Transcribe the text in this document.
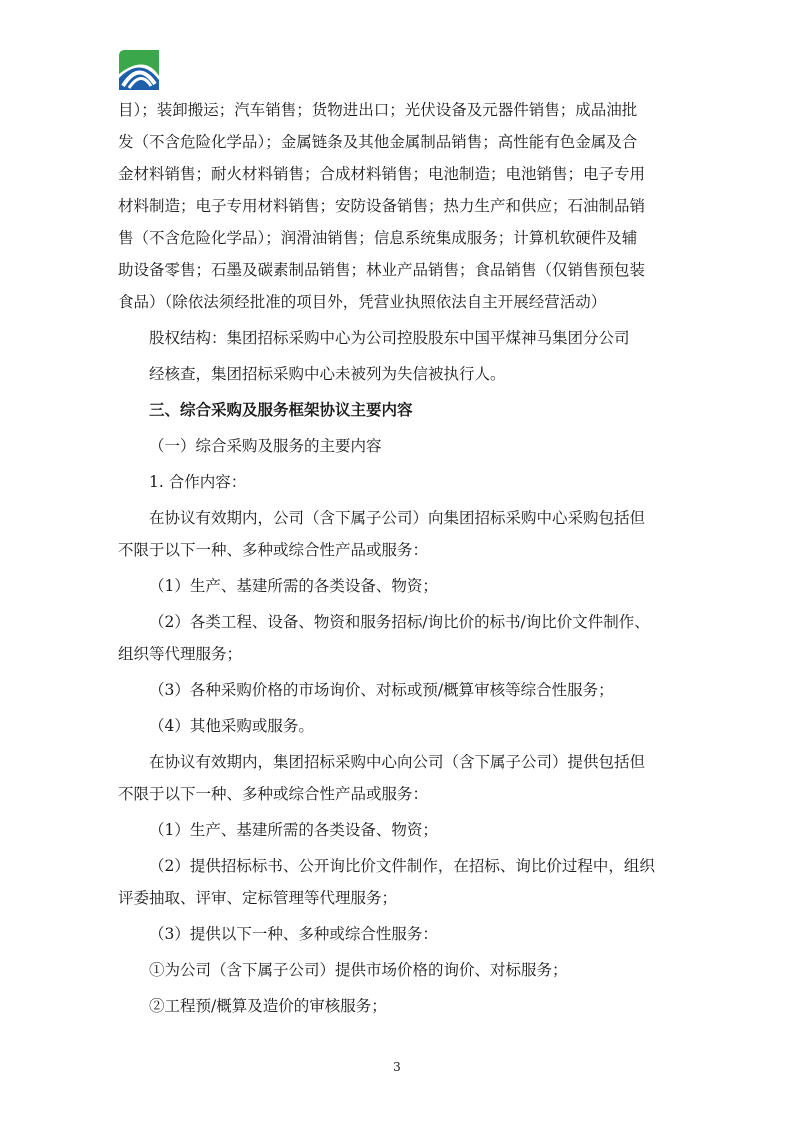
目）；装卸搬运；汽车销售；货物进出口；光伏设备及元器件销售；成品油批
发（不含危险化学品）；金属链条及其他金属制品销售；高性能有色金属及合
金材料销售；耐火材料销售；合成材料销售；电池制造；电池销售；电子专用
材料制造；电子专用材料销售；安防设备销售；热力生产和供应；石油制品销
售（不含危险化学品）；润滑油销售；信息系统集成服务；计算机软硬件及辅
助设备零售；石墨及碳素制品销售；林业产品销售；食品销售（仅销售预包装
食品）（除依法须经批准的项目外，凭营业执照依法自主开展经营活动）

股权结构：集团招标采购中心为公司控股股东中国平煤神马集团分公司

经核查，集团招标采购中心未被列为失信被执行人。

三、综合采购及服务框架协议主要内容

（一）综合采购及服务的主要内容

1. 合作内容：

在协议有效期内，公司（含下属子公司）向集团招标采购中心采购包括但
不限于以下一种、多种或综合性产品或服务：

（1）生产、基建所需的各类设备、物资；

（2）各类工程、设备、物资和服务招标/询比价的标书/询比价文件制作、
组织等代理服务；

（3）各种采购价格的市场询价、对标或预/概算审核等综合性服务；

（4）其他采购或服务。

在协议有效期内，集团招标采购中心向公司（含下属子公司）提供包括但
不限于以下一种、多种或综合性产品或服务：

（1）生产、基建所需的各类设备、物资；

（2）提供招标标书、公开询比价文件制作，在招标、询比价过程中，组织
评委抽取、评审、定标管理等代理服务；

（3）提供以下一种、多种或综合性服务：

①为公司（含下属子公司）提供市场价格的询价、对标服务；

②工程预/概算及造价的审核服务；

3
